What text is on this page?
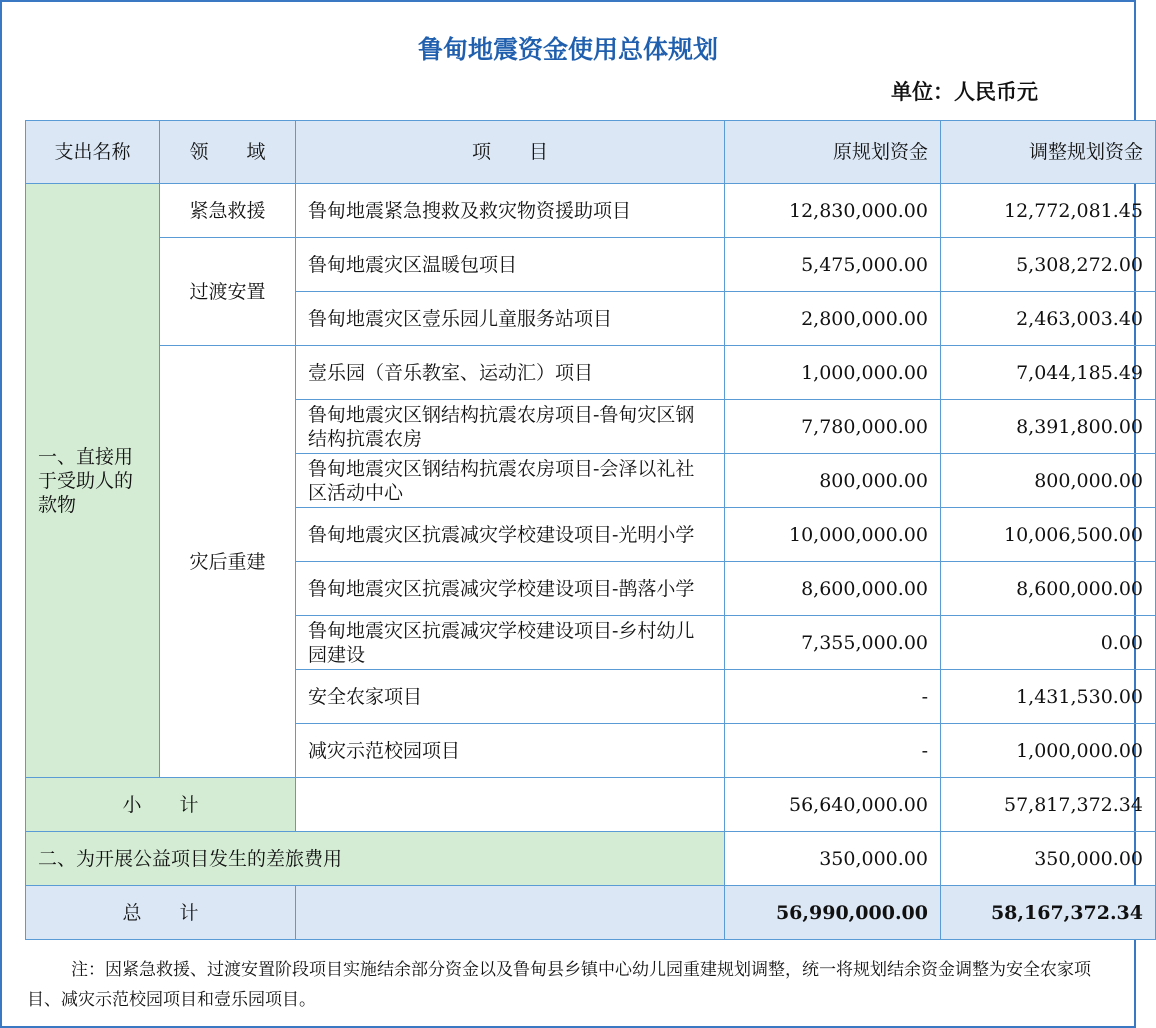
鲁甸地震资金使用总体规划
单位：人民币元
支出名称	领　　域	项　　目	原规划资金	调整规划资金
一、直接用于受助人的款物	紧急救援	鲁甸地震紧急搜救及救灾物资援助项目	12,830,000.00	12,772,081.45
	过渡安置	鲁甸地震灾区温暖包项目	5,475,000.00	5,308,272.00
		鲁甸地震灾区壹乐园儿童服务站项目	2,800,000.00	2,463,003.40
	灾后重建	壹乐园（音乐教室、运动汇）项目	1,000,000.00	7,044,185.49
		鲁甸地震灾区钢结构抗震农房项目-鲁甸灾区钢结构抗震农房	7,780,000.00	8,391,800.00
		鲁甸地震灾区钢结构抗震农房项目-会泽以礼社区活动中心	800,000.00	800,000.00
		鲁甸地震灾区抗震减灾学校建设项目-光明小学	10,000,000.00	10,006,500.00
		鲁甸地震灾区抗震减灾学校建设项目-鹊落小学	8,600,000.00	8,600,000.00
		鲁甸地震灾区抗震减灾学校建设项目-乡村幼儿园建设	7,355,000.00	0.00
		安全农家项目	-	1,431,530.00
		减灾示范校园项目	-	1,000,000.00
小　　计			56,640,000.00	57,817,372.34
二、为开展公益项目发生的差旅费用			350,000.00	350,000.00
总　　计			56,990,000.00	58,167,372.34
注：因紧急救援、过渡安置阶段项目实施结余部分资金以及鲁甸县乡镇中心幼儿园重建规划调整，统一将规划结余资金调整为安全农家项目、减灾示范校园项目和壹乐园项目。
